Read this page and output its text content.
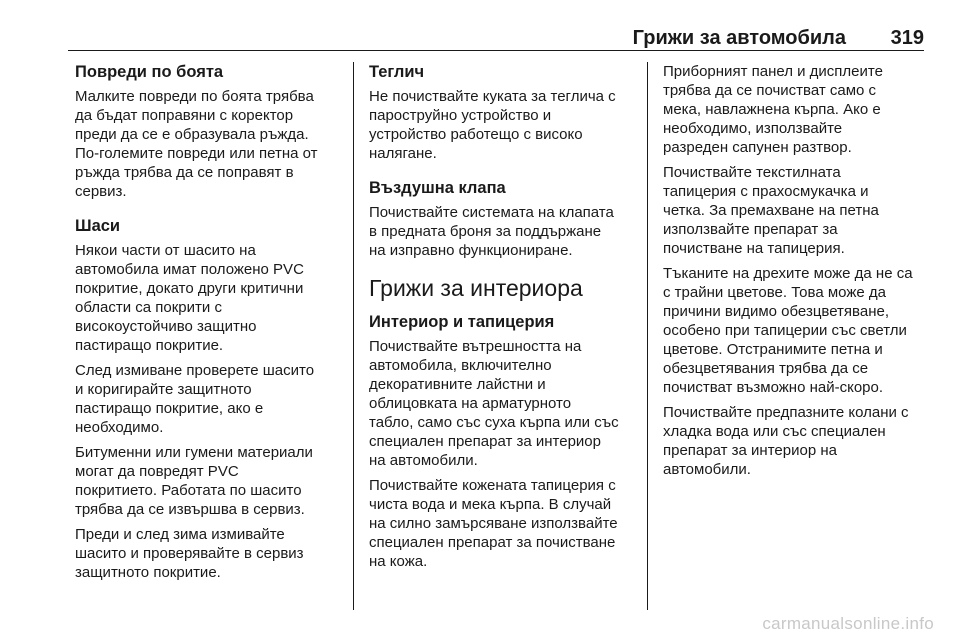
Грижи за автомобила 319
Повреди по боята

Малките повреди по боята трябва
да бъдат поправяни с коректор
преди да се е образувала ръжда.
По-големите повреди или петна от
ръжда трябва да се поправят в
сервиз.

Шаси

Някои части от шасито на
автомобила имат положено PVC
покритие, докато други критични
области са покрити с
високоустойчиво защитно
пастиращо покритие.

След измиване проверете шасито
и коригирайте защитното
пастиращо покритие, ако е
необходимо.

Битуменни или гумени материали
могат да повредят PVC
покритието. Работата по шасито
трябва да се извършва в сервиз.

Преди и след зима измивайте
шасито и проверявайте в сервиз
защитното покритие.

Теглич

Не почиствайте куката за теглича с
пароструйно устройство и
устройство работещо с високо
налягане.

Въздушна клапа

Почиствайте системата на клапата
в предната броня за поддържане
на изправно функциониране.

Грижи за интериора
Интериор и тапицерия

Почиствайте вътрешността на
автомобила, включително
декоративните лайстни и
облицовката на арматурното
табло, само със суха кърпа или със
специален препарат за интериор
на автомобили.

Почиствайте кожената тапицерия с
чиста вода и мека кърпа. В случай
на силно замърсяване използвайте
специален препарат за почистване
на кожа.

Приборният панел и дисплеите
трябва да се почистват само с
мека, навлажнена кърпа. Ако е
необходимо, използвайте
разреден сапунен разтвор.

Почиствайте текстилната
тапицерия с прахосмукачка и
четка. За премахване на петна
използвайте препарат за
почистване на тапицерия.

Тъканите на дрехите може да не са
с трайни цветове. Това може да
причини видимо обезцветяване,
особено при тапицерии със светли
цветове. Отстранимите петна и
обезцветявания трябва да се
почистват възможно най-скоро.

Почиствайте предпазните колани с
хладка вода или със специален
препарат за интериор на
автомобили.

carmanualsonline.info
